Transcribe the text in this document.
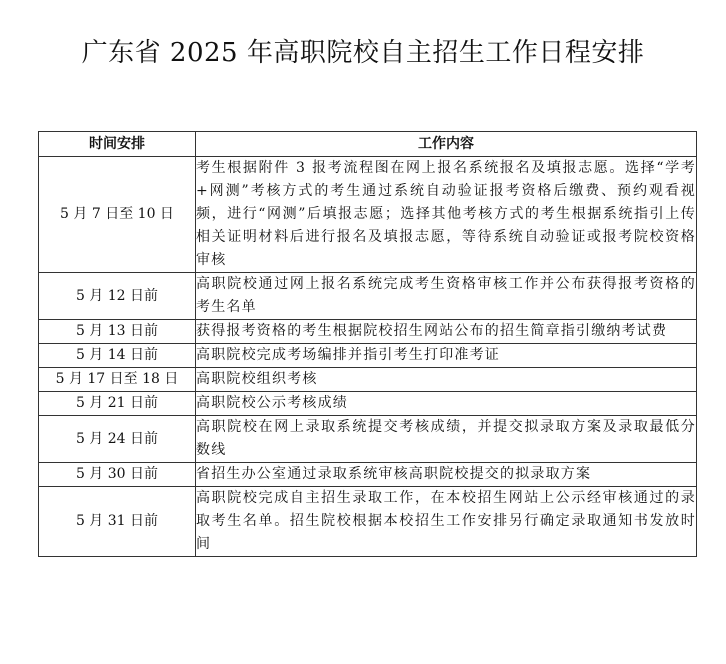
广东省 2025 年高职院校自主招生工作日程安排
时间安排	工作内容
5 月 7 日至 10 日	考生根据附件 3 报考流程图在网上报名系统报名及填报志愿。选择“学考+网测”考核方式的考生通过系统自动验证报考资格后缴费、预约观看视频，进行“网测”后填报志愿；选择其他考核方式的考生根据系统指引上传相关证明材料后进行报名及填报志愿，等待系统自动验证或报考院校资格审核
5 月 12 日前	高职院校通过网上报名系统完成考生资格审核工作并公布获得报考资格的考生名单
5 月 13 日前	获得报考资格的考生根据院校招生网站公布的招生简章指引缴纳考试费
5 月 14 日前	高职院校完成考场编排并指引考生打印准考证
5 月 17 日至 18 日	高职院校组织考核
5 月 21 日前	高职院校公示考核成绩
5 月 24 日前	高职院校在网上录取系统提交考核成绩，并提交拟录取方案及录取最低分数线
5 月 30 日前	省招生办公室通过录取系统审核高职院校提交的拟录取方案
5 月 31 日前	高职院校完成自主招生录取工作，在本校招生网站上公示经审核通过的录取考生名单。招生院校根据本校招生工作安排另行确定录取通知书发放时间
